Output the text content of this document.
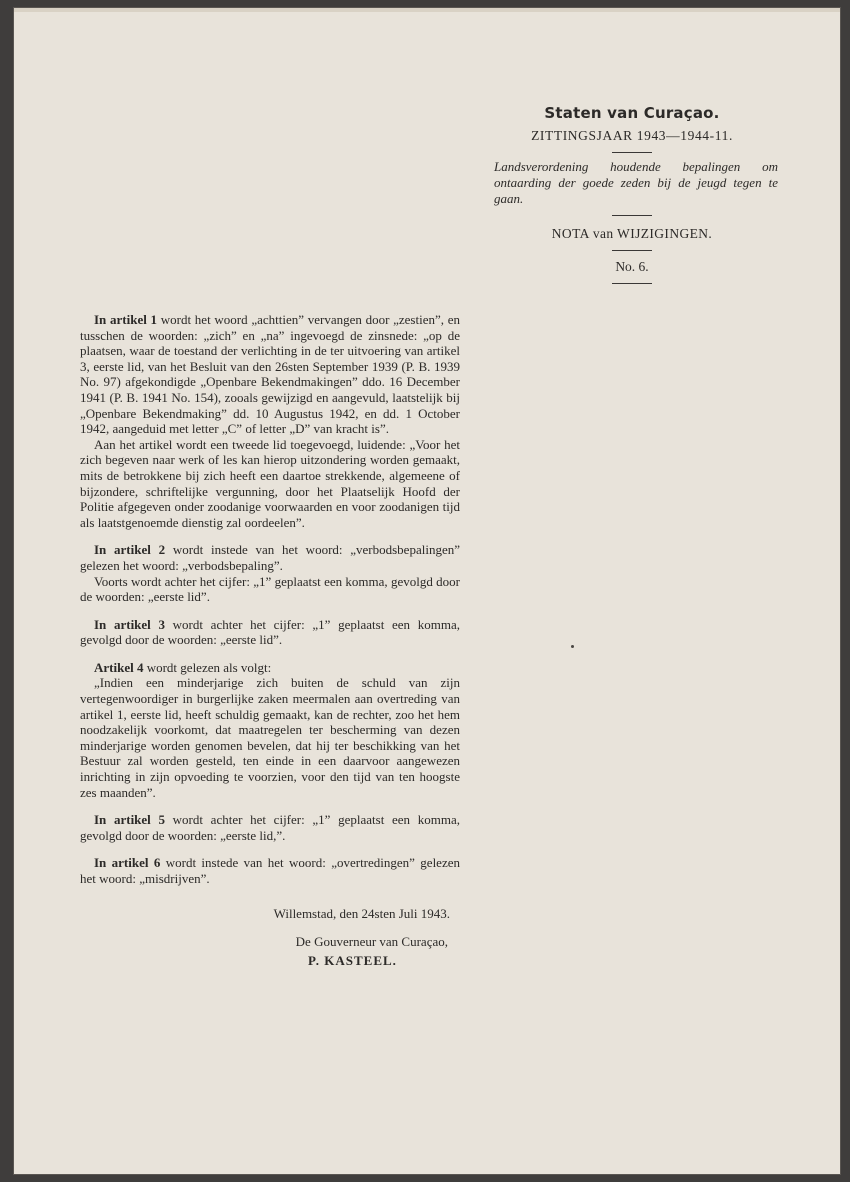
Staten van Curaçao.
ZITTINGSJAAR 1943—1944-11.
Landsverordening houdende bepalingen om ontaarding der goede zeden bij de jeugd tegen te gaan.
NOTA van WIJZIGINGEN.
No. 6.

In artikel 1 wordt het woord „achttien” vervangen door „zestien”, en tusschen de woorden: „zich” en „na” ingevoegd de zinsnede: „op de plaatsen, waar de toestand der verlichting in de ter uitvoering van artikel 3, eerste lid, van het Besluit van den 26sten September 1939 (P. B. 1939 No. 97) afgekondigde „Openbare Bekendmakingen” ddo. 16 December 1941 (P. B. 1941 No. 154), zooals gewijzigd en aangevuld, laatstelijk bij „Openbare Bekendmaking” dd. 10 Augustus 1942, en dd. 1 October 1942, aangeduid met letter „C” of letter „D” van kracht is”.

Aan het artikel wordt een tweede lid toegevoegd, luidende: „Voor het zich begeven naar werk of les kan hierop uitzondering worden gemaakt, mits de betrokkene bij zich heeft een daartoe strekkende, algemeene of bijzondere, schriftelijke vergunning, door het Plaatselijk Hoofd der Politie afgegeven onder zoodanige voorwaarden en voor zoodanigen tijd als laatstgenoemde dienstig zal oordeelen”.

In artikel 2 wordt instede van het woord: „verbodsbepalingen” gelezen het woord: „verbodsbepaling”.

Voorts wordt achter het cijfer: „1” geplaatst een komma, gevolgd door de woorden: „eerste lid”.

In artikel 3 wordt achter het cijfer: „1” geplaatst een komma, gevolgd door de woorden: „eerste lid”.

Artikel 4 wordt gelezen als volgt:

„Indien een minderjarige zich buiten de schuld van zijn vertegenwoordiger in burgerlijke zaken meermalen aan overtreding van artikel 1, eerste lid, heeft schuldig gemaakt, kan de rechter, zoo het hem noodzakelijk voorkomt, dat maatregelen ter bescherming van dezen minderjarige worden genomen bevelen, dat hij ter beschikking van het Bestuur zal worden gesteld, ten einde in een daarvoor aangewezen inrichting in zijn opvoeding te voorzien, voor den tijd van ten hoogste zes maanden”.

In artikel 5 wordt achter het cijfer: „1” geplaatst een komma, gevolgd door de woorden: „eerste lid,”.

In artikel 6 wordt instede van het woord: „overtredingen” gelezen het woord: „misdrijven”.

Willemstad, den 24sten Juli 1943.
De Gouverneur van Curaçao,
P. KASTEEL.
